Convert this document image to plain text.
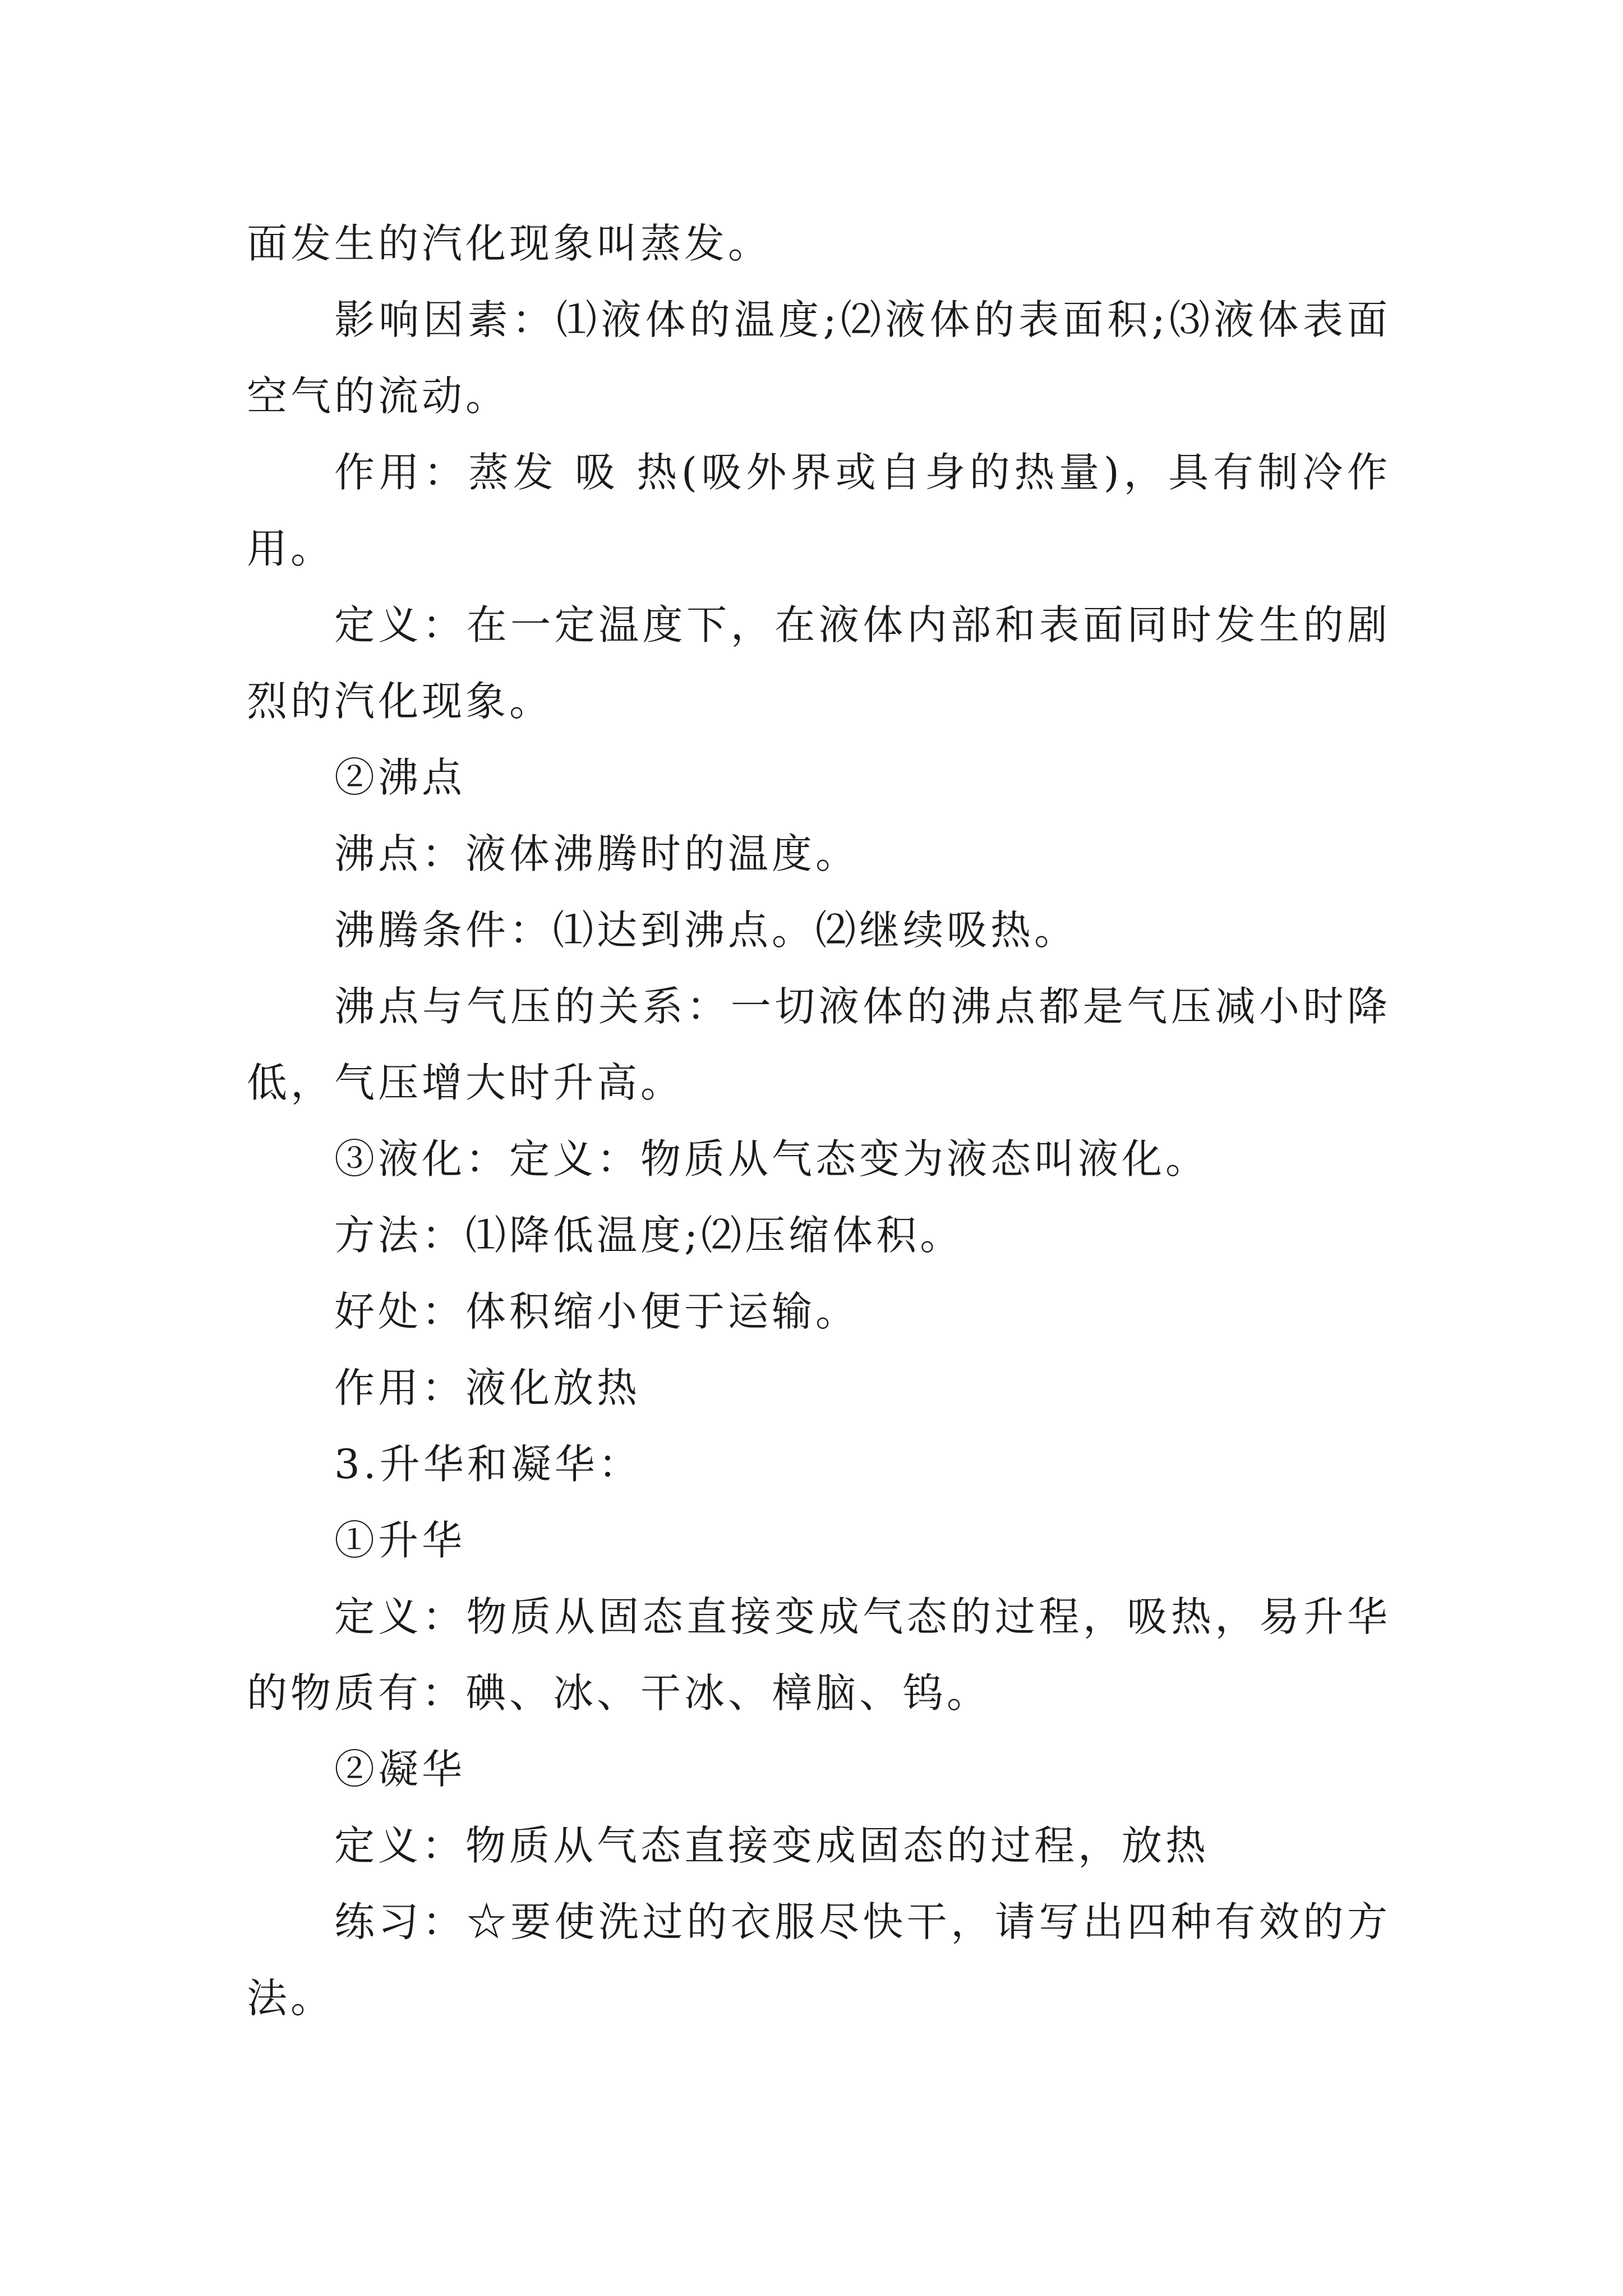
面发生的汽化现象叫蒸发。

影响因素：⑴液体的温度;⑵液体的表面积;⑶液体表面空气的流动。

作用：蒸发 吸 热(吸外界或自身的热量)，具有制冷作用。

定义：在一定温度下，在液体内部和表面同时发生的剧烈的汽化现象。

②沸点

沸点：液体沸腾时的温度。

沸腾条件：⑴达到沸点。⑵继续吸热。

沸点与气压的关系：一切液体的沸点都是气压减小时降低，气压增大时升高。

③液化：定义：物质从气态变为液态叫液化。

方法：⑴降低温度;⑵压缩体积。

好处：体积缩小便于运输。

作用：液化放热

3.升华和凝华：

①升华

定义：物质从固态直接变成气态的过程，吸热，易升华的物质有：碘、冰、干冰、樟脑、钨。

②凝华

定义：物质从气态直接变成固态的过程，放热

练习：☆要使洗过的衣服尽快干，请写出四种有效的方法。
